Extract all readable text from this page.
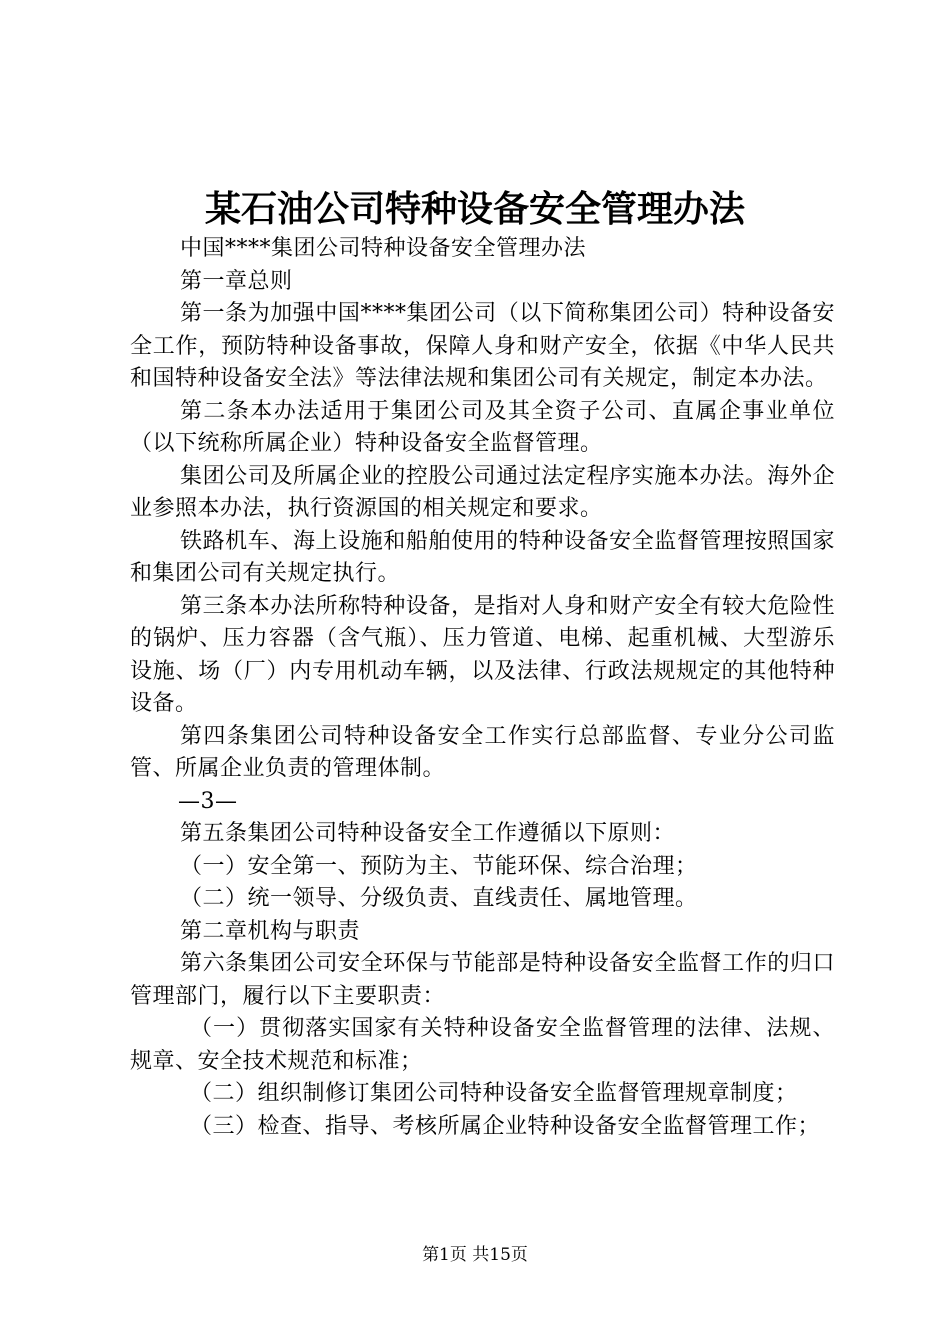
某石油公司特种设备安全管理办法

中国****集团公司特种设备安全管理办法

第一章总则

第一条为加强中国****集团公司（以下简称集团公司）特种设备安全工作，预防特种设备事故，保障人身和财产安全，依据《中华人民共和国特种设备安全法》等法律法规和集团公司有关规定，制定本办法。

第二条本办法适用于集团公司及其全资子公司、直属企事业单位（以下统称所属企业）特种设备安全监督管理。

集团公司及所属企业的控股公司通过法定程序实施本办法。海外企业参照本办法，执行资源国的相关规定和要求。

铁路机车、海上设施和船舶使用的特种设备安全监督管理按照国家和集团公司有关规定执行。

第三条本办法所称特种设备，是指对人身和财产安全有较大危险性的锅炉、压力容器（含气瓶）、压力管道、电梯、起重机械、大型游乐设施、场（厂）内专用机动车辆，以及法律、行政法规规定的其他特种设备。

第四条集团公司特种设备安全工作实行总部监督、专业分公司监管、所属企业负责的管理体制。

—3—

第五条集团公司特种设备安全工作遵循以下原则：

（一）安全第一、预防为主、节能环保、综合治理；

（二）统一领导、分级负责、直线责任、属地管理。

第二章机构与职责

第六条集团公司安全环保与节能部是特种设备安全监督工作的归口管理部门，履行以下主要职责：

（一）贯彻落实国家有关特种设备安全监督管理的法律、法规、规章、安全技术规范和标准；

（二）组织制修订集团公司特种设备安全监督管理规章制度；

（三）检查、指导、考核所属企业特种设备安全监督管理工作；

第1页 共15页
